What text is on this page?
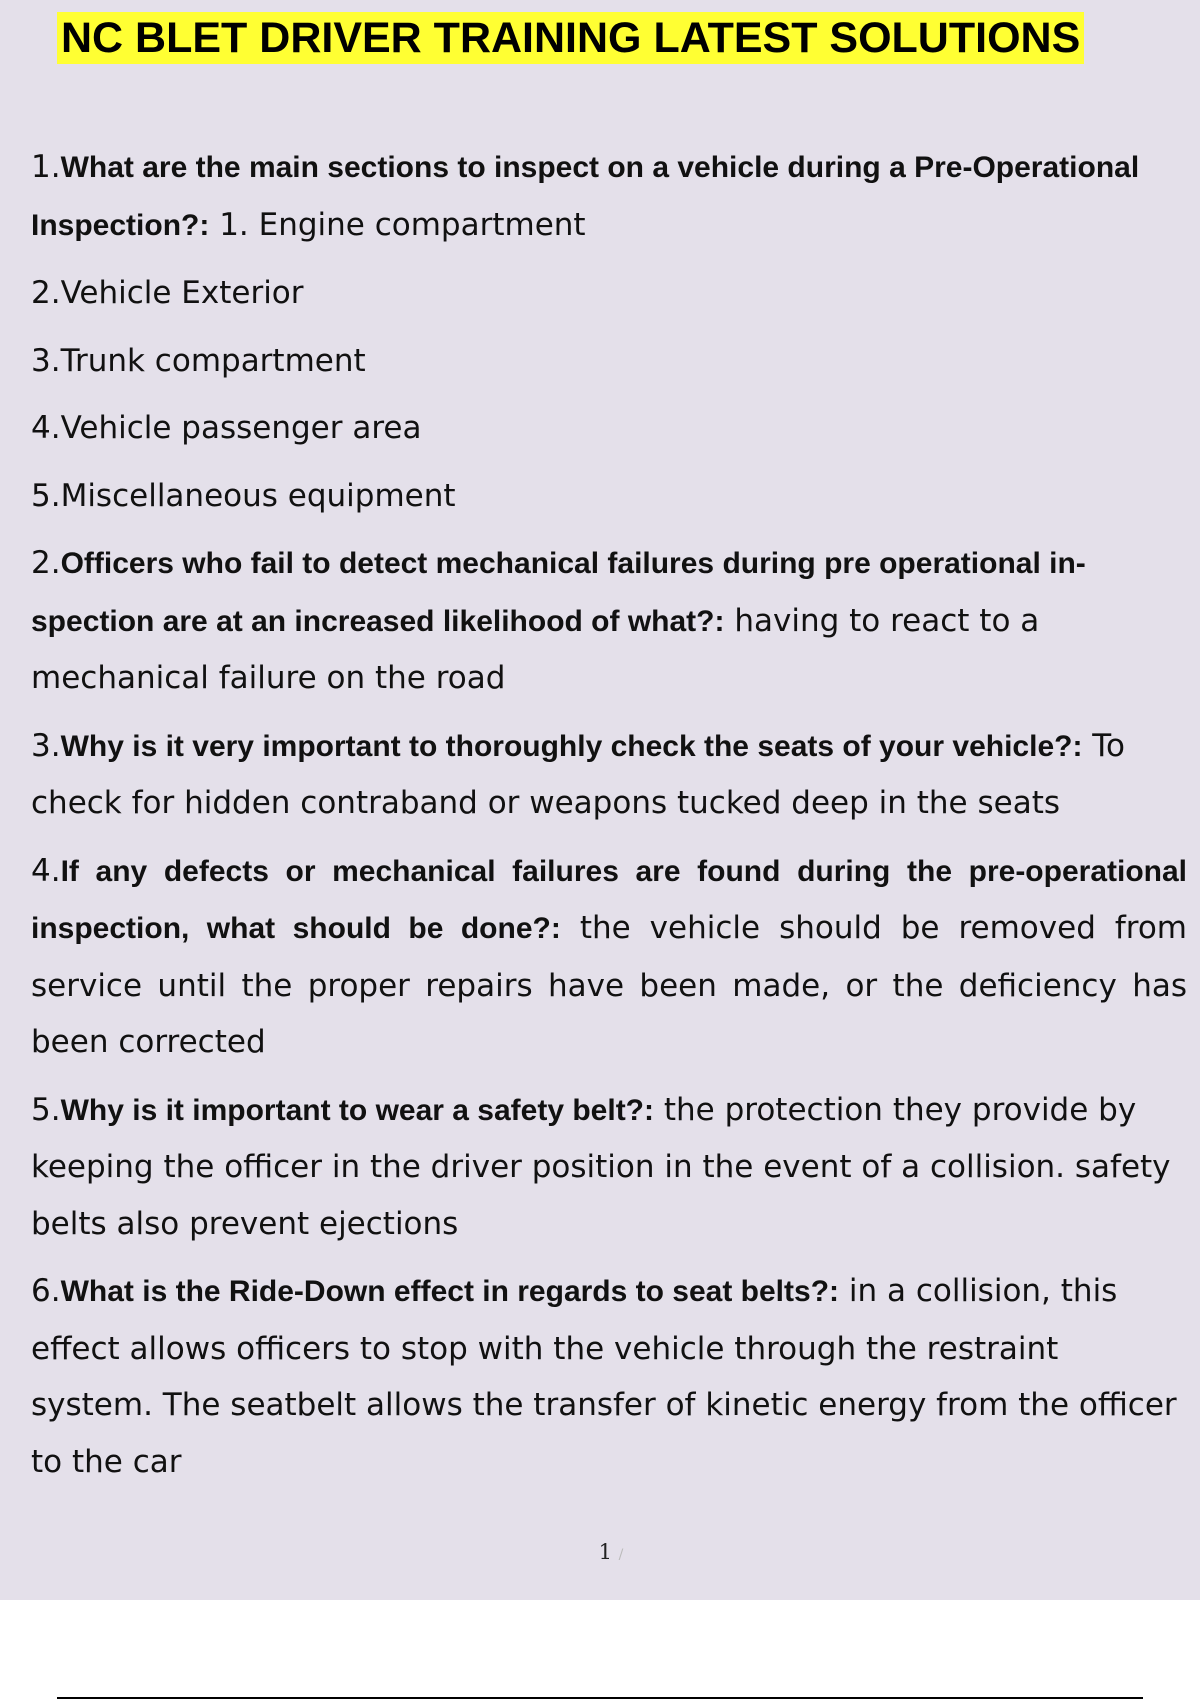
NC BLET DRIVER TRAINING LATEST SOLUTIONS

1.What are the main sections to inspect on a vehicle during a Pre-Operational Inspection?: 1. Engine compartment

2.Vehicle Exterior

3.Trunk compartment

4.Vehicle passenger area

5.Miscellaneous equipment

2.Officers who fail to detect mechanical failures during pre operational in-spection are at an increased likelihood of what?: having to react to a mechanical failure on the road

3.Why is it very important to thoroughly check the seats of your vehicle?: To check for hidden contraband or weapons tucked deep in the seats

4.If any defects or mechanical failures are found during the pre-operational inspection, what should be done?: the vehicle should be removed from service until the proper repairs have been made, or the deficiency has been corrected

5.Why is it important to wear a safety belt?: the protection they provide by keeping the officer in the driver position in the event of a collision. safety belts also prevent ejections

6.What is the Ride-Down effect in regards to seat belts?: in a collision, this effect allows officers to stop with the vehicle through the restraint system. The seatbelt allows the transfer of kinetic energy from the officer to the car

1 /
